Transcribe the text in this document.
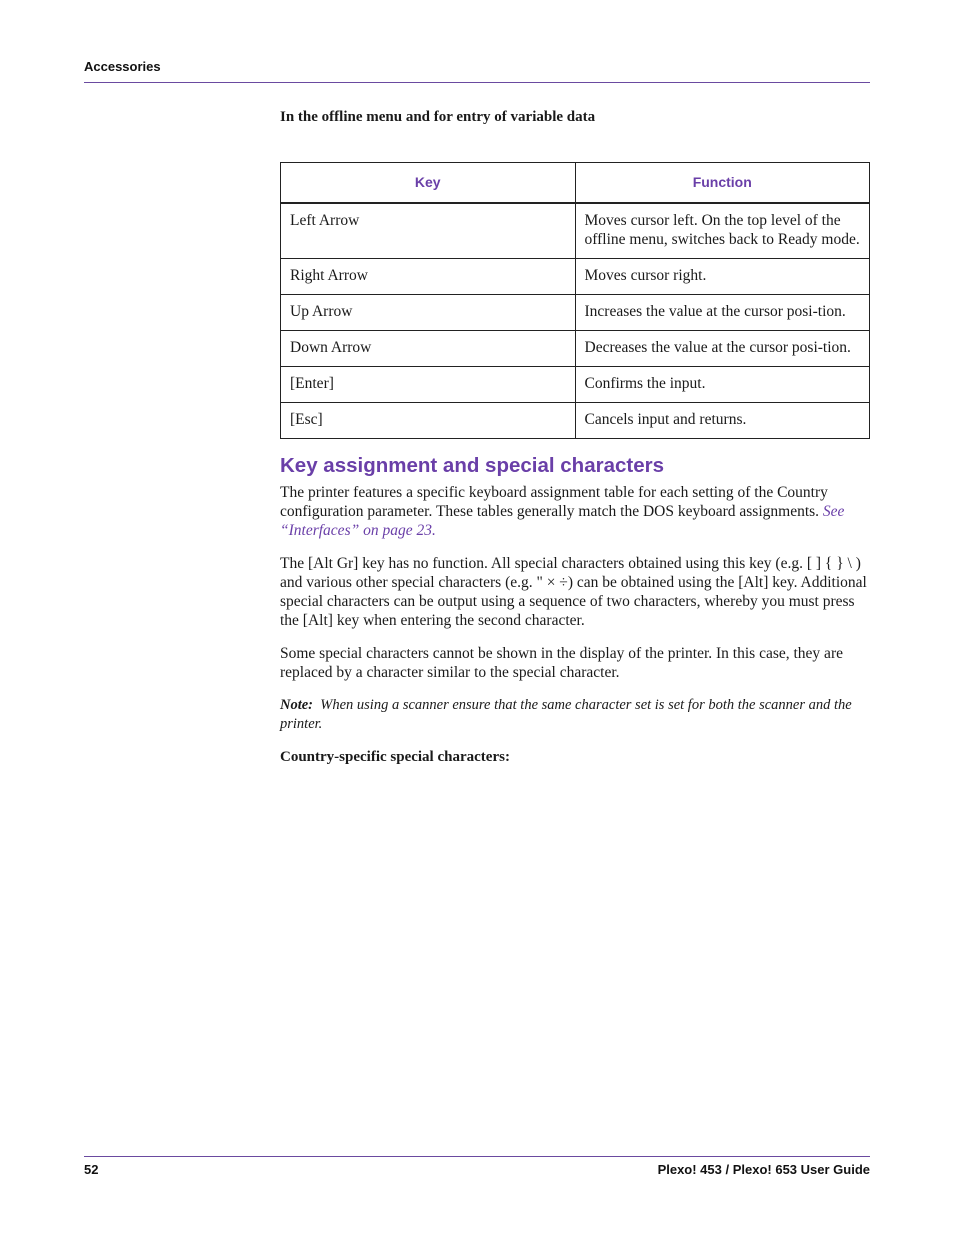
Accessories
In the offline menu and for entry of variable data
Key	Function
Left Arrow	Moves cursor left. On the top level of the offline menu, switches back to Ready mode.
Right Arrow	Moves cursor right.
Up Arrow	Increases the value at the cursor posi-tion.
Down Arrow	Decreases the value at the cursor posi-tion.
[Enter]	Confirms the input.
[Esc]	Cancels input and returns.
Key assignment and special characters

The printer features a specific keyboard assignment table for each setting of the Country configuration parameter. These tables generally match the DOS keyboard assignments. See “Interfaces” on page 23.

The [Alt Gr] key has no function. All special characters obtained using this key (e.g. [ ] { } \ ) and various other special characters (e.g. " × ÷) can be obtained using the [Alt] key. Additional special characters can be output using a sequence of two characters, whereby you must press the [Alt] key when entering the second character.

Some special characters cannot be shown in the display of the printer. In this case, they are replaced by a character similar to the special character.

Note: When using a scanner ensure that the same character set is set for both the scanner and the printer.

Country-specific special characters:

52	Plexo! 453 / Plexo! 653 User Guide
